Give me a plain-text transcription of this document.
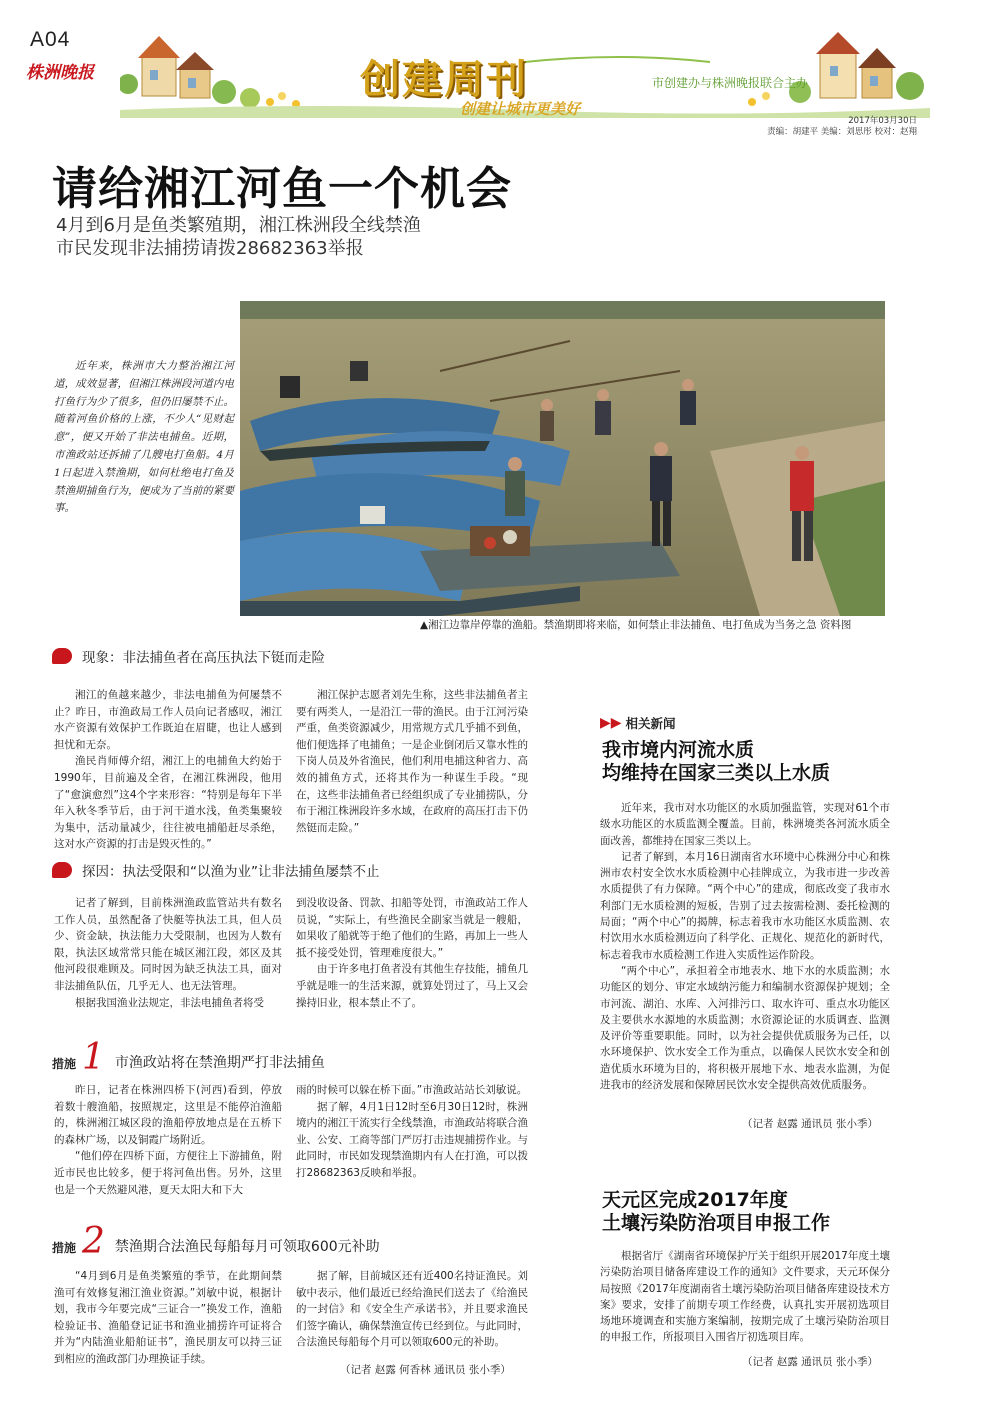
A04
株洲晚报	创建周刊
创建让城市更美好
市创建办与株洲晚报联合主办
2017年03月30日
责编：胡建平 美编：刘思彤 校对：赵翔
请给湘江河鱼一个机会
4月到6月是鱼类繁殖期，湘江株洲段全线禁渔
市民发现非法捕捞请拨28682363举报
▲湘江边靠岸停靠的渔船。禁渔期即将来临，如何禁止非法捕鱼、电打鱼成为当务之急 资料图
近年来，株洲市大力整治湘江河道，成效显著，但湘江株洲段河道内电打鱼行为少了很多，但仍旧屡禁不止。随着河鱼价格的上涨，不少人“见财起意”，便又开始了非法电捕鱼。近期，市渔政站还拆捕了几艘电打鱼船。4月1日起进入禁渔期，如何杜绝电打鱼及禁渔期捕鱼行为，便成为了当前的紧要事。
现象：非法捕鱼者在高压执法下铤而走险

湘江的鱼越来越少，非法电捕鱼为何屡禁不止？昨日，市渔政局工作人员向记者感叹，湘江水产资源有效保护工作既迫在眉睫，也让人感到担忧和无奈。

渔民肖师傅介绍，湘江上的电捕鱼大约始于1990年，目前遍及全省，在湘江株洲段，他用了“愈演愈烈”这4个字来形容：“特别是每年下半年入秋冬季节后，由于河干道水浅，鱼类集聚较为集中，活动量减少，往往被电捕船赶尽杀绝，这对水产资源的打击是毁灭性的。”

湘江保护志愿者刘先生称，这些非法捕鱼者主要有两类人，一是沿江一带的渔民。由于江河污染严重，鱼类资源减少，用常规方式几乎捕不到鱼，他们便选择了电捕鱼；一是企业倒闭后又靠水性的下岗人员及外省渔民，他们利用电捕这种省力、高效的捕鱼方式，还将其作为一种谋生手段。“现在，这些非法捕鱼者已经组织成了专业捕捞队，分布于湘江株洲段许多水域，在政府的高压打击下仍然铤而走险。”

探因：执法受限和“以渔为业”让非法捕鱼屡禁不止

记者了解到，目前株洲渔政监管站共有数名工作人员，虽然配备了快艇等执法工具，但人员少、资金缺，执法能力大受限制，也因为人数有限，执法区域常常只能在城区湘江段，郊区及其他河段很难顾及。同时因为缺乏执法工具，面对非法捕鱼队伍，几乎无人、也无法管理。

根据我国渔业法规定，非法电捕鱼者将受

到没收设备、罚款、扣船等处罚，市渔政站工作人员说，“实际上，有些渔民全副家当就是一艘船，如果收了船就等于绝了他们的生路，再加上一些人抵不接受处罚，管理难度很大。”

由于许多电打鱼者没有其他生存技能，捕鱼几乎就是唯一的生活来源，就算处罚过了，马上又会操持旧业，根本禁止不了。

措施 1 市渔政站将在禁渔期严打非法捕鱼

昨日，记者在株洲四桥下(河西)看到，停放着数十艘渔船，按照规定，这里是不能停泊渔船的，株洲湘江城区段的渔船停放地点是在五桥下的森林广场，以及铜霞广场附近。

“他们停在四桥下面，方便往上下游捕鱼，附近市民也比较多，便于将河鱼出售。另外，这里也是一个天然避风港，夏天太阳大和下大

雨的时候可以躲在桥下面。”市渔政站站长刘敏说。

据了解，4月1日12时至6月30日12时，株洲境内的湘江干流实行全线禁渔，市渔政站将联合渔业、公安、工商等部门严厉打击违规捕捞作业。与此同时，市民如发现禁渔期内有人在打渔，可以拨打28682363反映和举报。

措施 2 禁渔期合法渔民每船每月可领取600元补助

“4月到6月是鱼类繁殖的季节，在此期间禁渔可有效修复湘江渔业资源。”刘敏中说，根据计划，我市今年要完成“三证合一”换发工作，渔船检验证书、渔船登记证书和渔业捕捞许可证将合并为“内陆渔业船舶证书”，渔民朋友可以持三证到相应的渔政部门办理换证手续。

据了解，目前城区还有近400名持证渔民。刘敏中表示，他们最近已经给渔民们送去了《给渔民的一封信》和《安全生产承诺书》，并且要求渔民们签字确认，确保禁渔宣传已经到位。与此同时，合法渔民每船每个月可以领取600元的补助。

（记者 赵露 何香林 通讯员 张小季）
▶▶ 相关新闻
我市境内河流水质
均维持在国家三类以上水质

近年来，我市对水功能区的水质加强监管，实现对61个市级水功能区的水质监测全覆盖。目前，株洲境类各河流水质全面改善，都维持在国家三类以上。

记者了解到，本月16日湖南省水环境中心株洲分中心和株洲市农村安全饮水水质检测中心挂牌成立，为我市进一步改善水质提供了有力保障。“两个中心”的建成，彻底改变了我市水利部门无水质检测的短板，告别了过去按需检测、委托检测的局面；“两个中心”的揭牌，标志着我市水功能区水质监测、农村饮用水水质检测迈向了科学化、正规化、规范化的新时代，标志着我市水质检测工作进入实质性运作阶段。

“两个中心”，承担着全市地表水、地下水的水质监测；水功能区的划分、审定水域纳污能力和编制水资源保护规划；全市河流、湖泊、水库、入河排污口、取水许可、重点水功能区及主要供水水源地的水质监测；水资源论证的水质调查、监测及评价等重要职能。同时，以为社会提供优质服务为己任，以水环境保护、饮水安全工作为重点，以确保人民饮水安全和创造优质水环境为目的，将积极开展地下水、地表水监测，为促进我市的经济发展和保障居民饮水安全提供高效优质服务。

（记者 赵露 通讯员 张小季）
天元区完成2017年度
土壤污染防治项目申报工作

根据省厅《湖南省环境保护厅关于组织开展2017年度土壤污染防治项目储备库建设工作的通知》文件要求，天元环保分局按照《2017年度湖南省土壤污染防治项目储备库建设技术方案》要求，安排了前期专项工作经费，认真扎实开展初选项目场地环境调查和实施方案编制，按期完成了土壤污染防治项目的申报工作，所报项目入围省厅初选项目库。

（记者 赵露 通讯员 张小季）
